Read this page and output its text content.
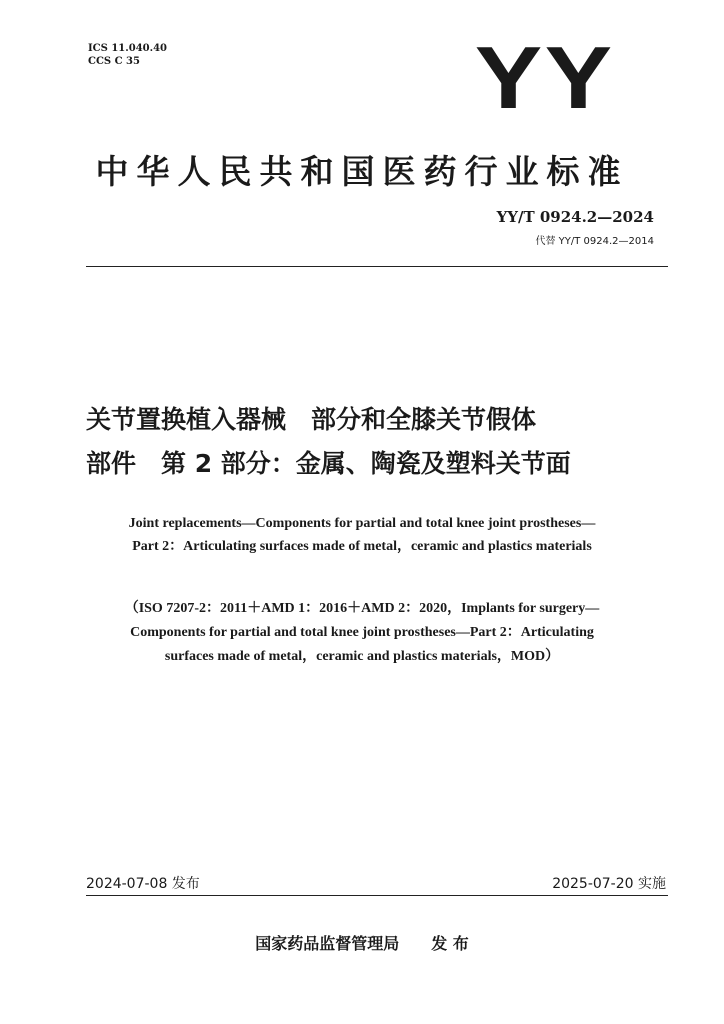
ICS 11.040.40
CCS C 35	YY
中华人民共和国医药行业标准
YY/T 0924.2—2024
代替 YY/T 0924.2—2014
关节置换植入器械　部分和全膝关节假体
部件　第 2 部分：金属、陶瓷及塑料关节面
Joint replacements—Components for partial and total knee joint prostheses—
Part 2：Articulating surfaces made of metal，ceramic and plastics materials
（ISO 7207-2：2011＋AMD 1：2016＋AMD 2：2020，Implants for surgery—
Components for partial and total knee joint prostheses—Part 2：Articulating
surfaces made of metal，ceramic and plastics materials，MOD）
2024-07-08 发布	2025-07-20 实施
国家药品监督管理局 发 布
